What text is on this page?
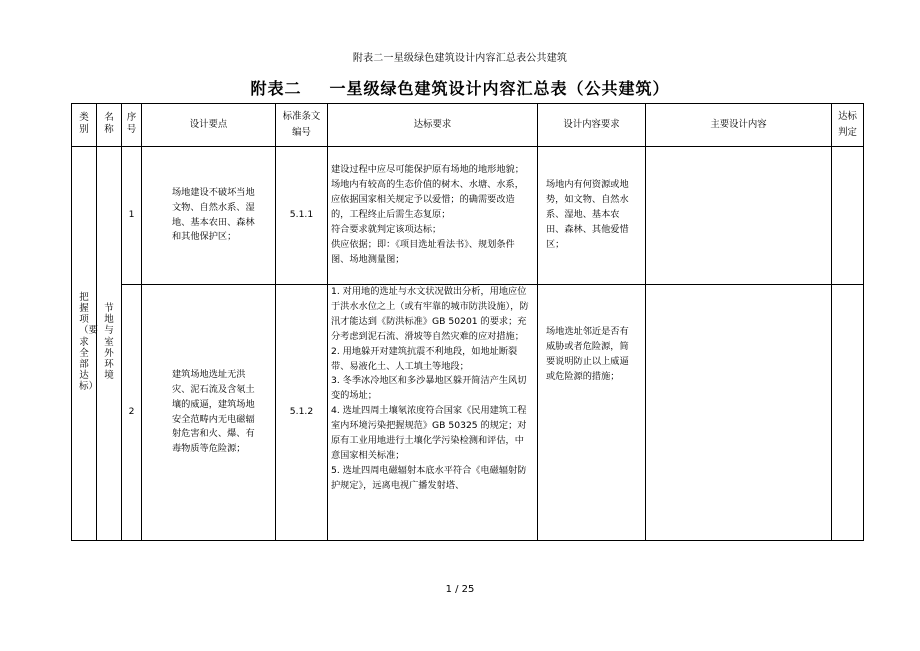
附表二一星级绿色建筑设计内容汇总表公共建筑
附表二 一星级绿色建筑设计内容汇总表（公共建筑）
类别	名称	序号	设计要点	标准条文编号	达标要求	设计内容要求	主要设计内容	达标判定
把握项（要求全部达标）	节地与室外环境	1	场地建设不破坏当地文物、自然水系、湿地、基本农田、森林和其他保护区；	5.1.1	建设过程中应尽可能保护原有场地的地形地貌；场地内有较高的生态价值的树木、水塘、水系，应依据国家相关规定予以爱惜；的确需要改造的，工程终止后需生态复原；
符合要求就判定该项达标；
供应依据；即：《项目选址看法书》、规划条件图、场地测量图；	场地内有何资源或地势，如文物、自然水系、湿地、基本农田、森林、其他爱惜区；		
		2	建筑场地选址无洪灾、泥石流及含氡土壤的威逼，建筑场地安全范畴内无电磁辐射危害和火、爆、有毒物质等危险源；	5.1.2	1. 对用地的选址与水文状况做出分析，用地应位于洪水水位之上（或有牢靠的城市防洪设施），防汛才能达到《防洪标准》GB 50201 的要求；充分考虑到泥石流、滑坡等自然灾难的应对措施；
2. 用地躲开对建筑抗震不利地段，如地址断裂带、易液化土、人工填土等地段；
3. 冬季冰冷地区和多沙暴地区躲开简洁产生风切变的场址；
4. 选址四周土壤氡浓度符合国家《民用建筑工程室内环境污染把握规范》GB 50325 的规定；对原有工业用地进行土壤化学污染检测和评估，中意国家相关标准；
5. 选址四周电磁辐射本底水平符合《电磁辐射防护规定》，远离电视广播发射塔、	场地选址邻近是否有威胁或者危险源，简要说明防止以上威逼或危险源的措施；		
1 / 25
